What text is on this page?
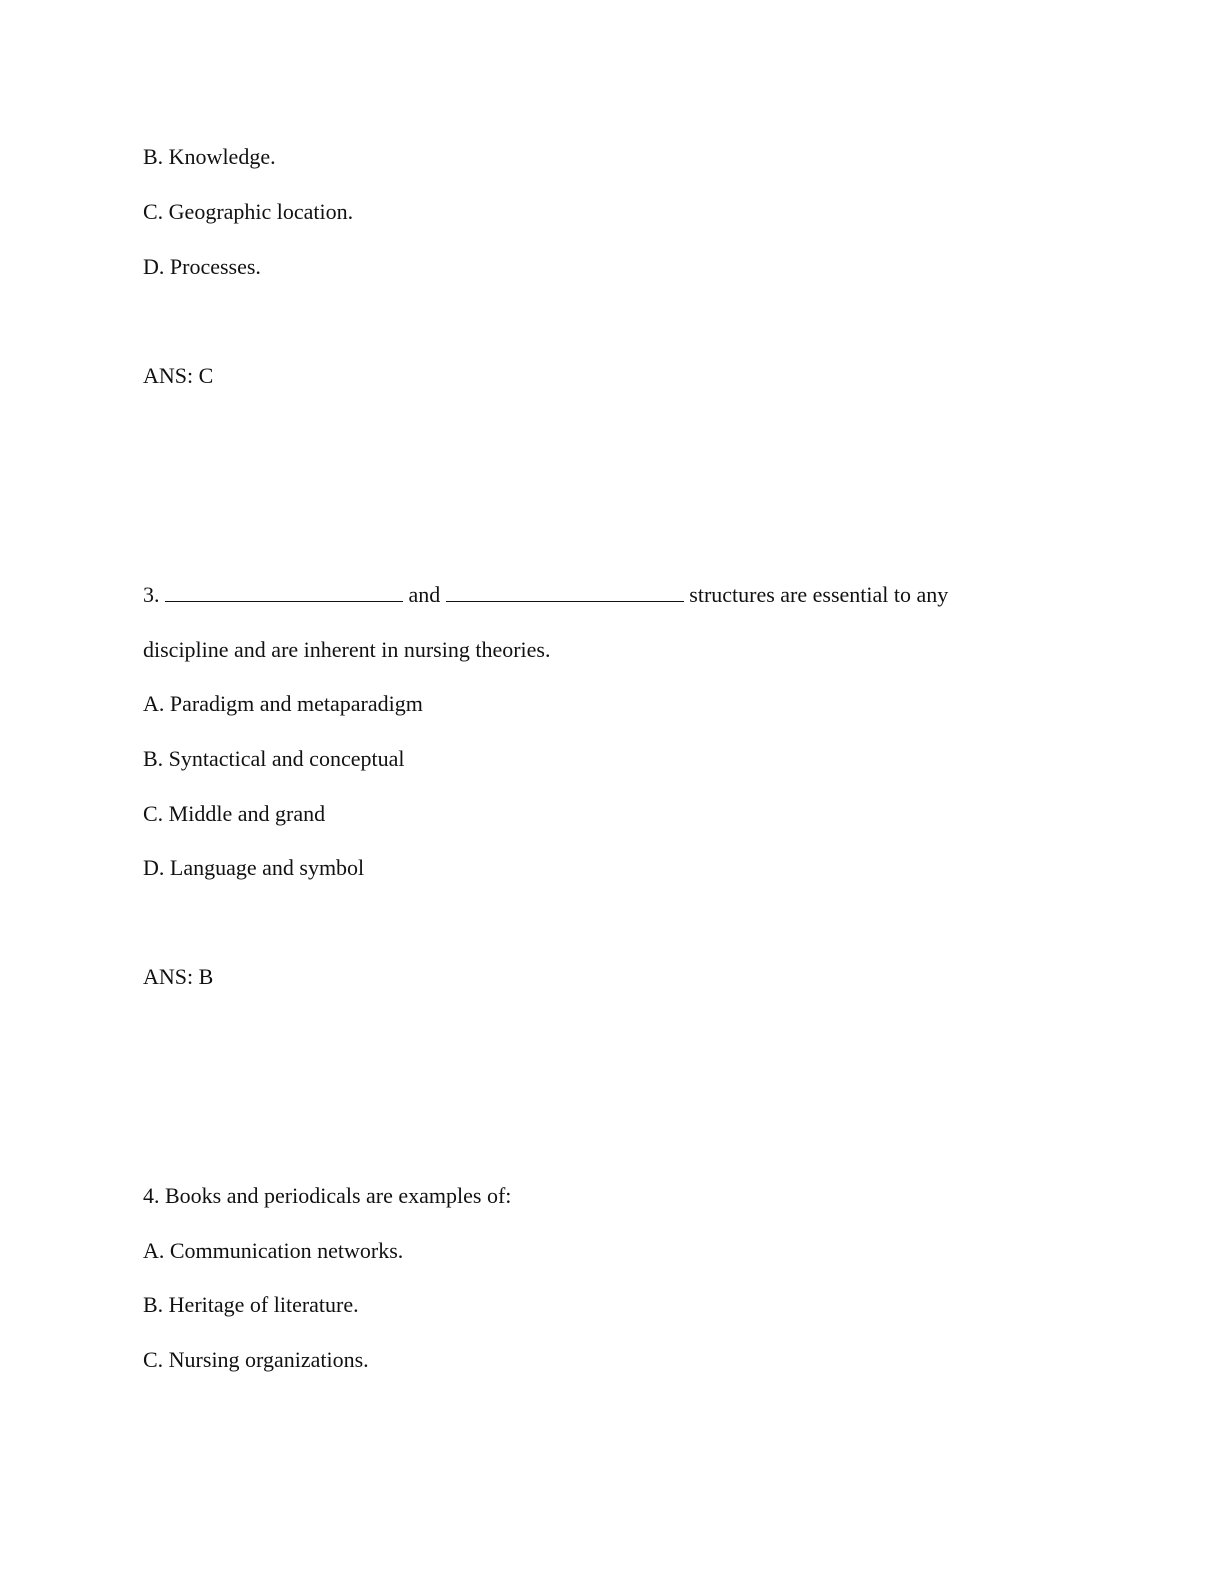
B. Knowledge.
C. Geographic location.
D. Processes.
ANS: C
3.	and	structures are essential to any
discipline and are inherent in nursing theories.
A. Paradigm and metaparadigm
B. Syntactical and conceptual
C. Middle and grand
D. Language and symbol
ANS: B
4. Books and periodicals are examples of:
A. Communication networks.
B. Heritage of literature.
C. Nursing organizations.
